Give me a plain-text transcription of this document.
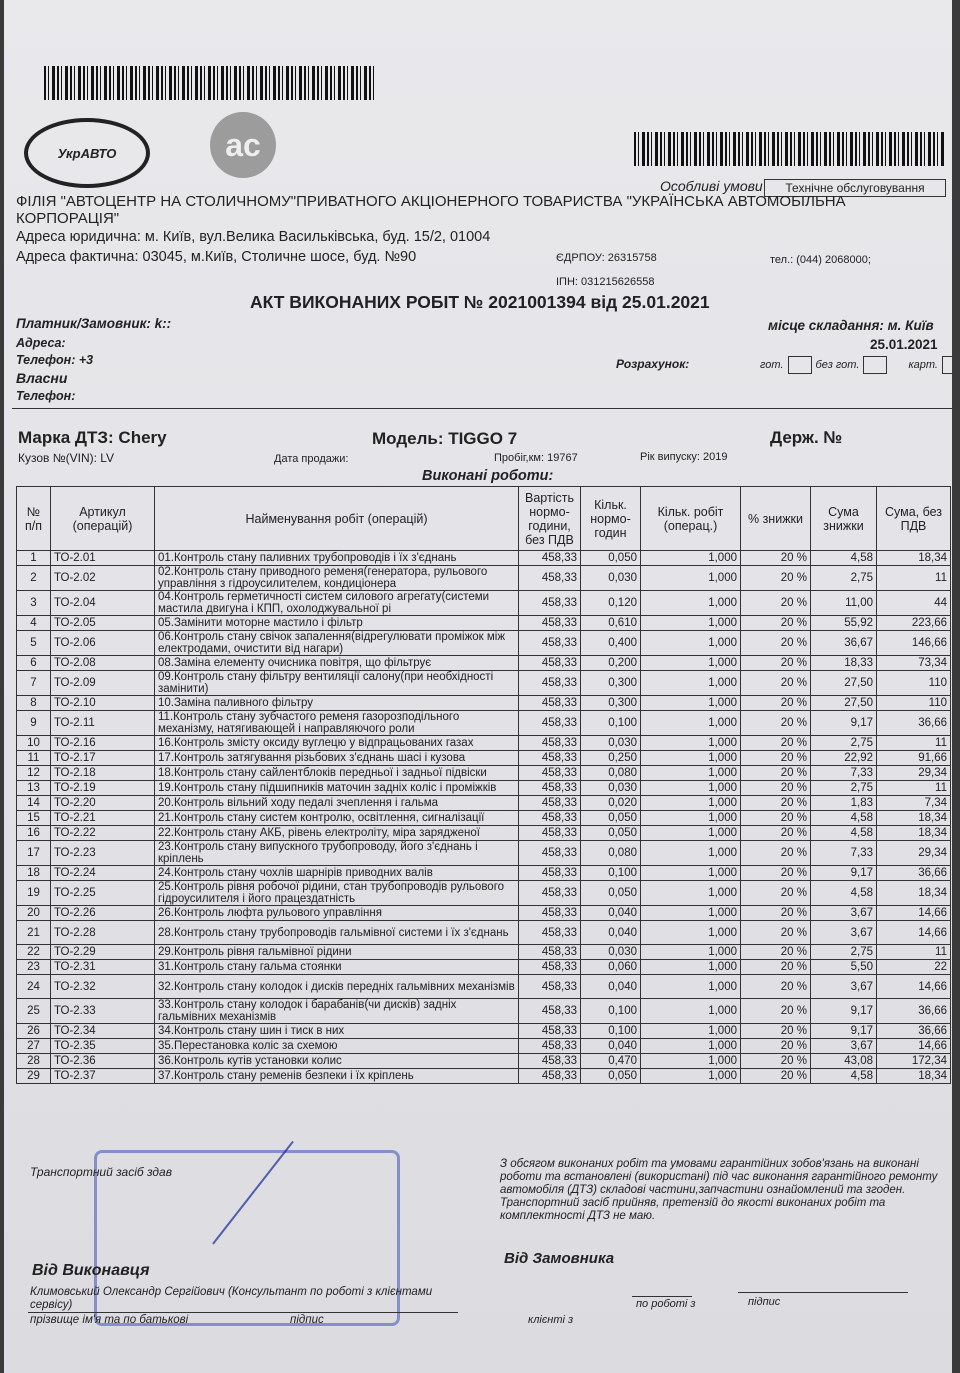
УкрАВТО	ac
Особливі умови	Технічне обслуговування
ФІЛІЯ "АВТОЦЕНТР НА СТОЛИЧНОМУ"ПРИВАТНОГО АКЦІОНЕРНОГО ТОВАРИСТВА "УКРАЇНСЬКА АВТОМОБІЛЬНА
КОРПОРАЦІЯ"
Адреса юридична: м. Київ, вул.Велика Васильківська, буд. 15/2, 01004
Адреса фактична: 03045, м.Київ, Столичне шосе, буд. №90	ЄДРПОУ: 26315758	тел.: (044) 2068000;
ІПН: 031215626558
АКТ ВИКОНАНИХ РОБІТ № 2021001394 від 25.01.2021
Платник/Замовник: k::
Адреса:
Телефон: +3
Власни
Телефон:
місце складання: м. Київ
25.01.2021
Розрахунок:	гот.	без гот.	карт.
Марка ДТЗ: Chery	Модель: TIGGO 7	Держ. №
Кузов №(VIN): LV	Дата продажи:	Пробіг,км: 19767	Рік випуску: 2019
Виконані роботи:
№ п/п	Артикул (операцій)	Найменування робіт (операцій)	Вартість нормо-години, без ПДВ	Кільк. нормо-годин	Кільк. робіт (операц.)	% знижки	Сума знижки	Сума, без ПДВ
1	ТО-2.01	01.Контроль стану паливних трубопроводів і їх з'єднань	458,33	0,050	1,000	20 %	4,58	18,34
2	ТО-2.02	02.Контроль стану приводного ременя(генератора, рульового управління з гідроусилителем, кондиціонера	458,33	0,030	1,000	20 %	2,75	11
3	ТО-2.04	04.Контроль герметичності систем силового агрегату(системи мастила двигуна і КПП, охолоджувальної рі	458,33	0,120	1,000	20 %	11,00	44
4	ТО-2.05	05.Замінити моторне мастило і фільтр	458,33	0,610	1,000	20 %	55,92	223,66
5	ТО-2.06	06.Контроль стану свічок запалення(відрегулювати проміжок між електродами, очистити від нагари)	458,33	0,400	1,000	20 %	36,67	146,66
6	ТО-2.08	08.Заміна елементу очисника повітря, що фільтрує	458,33	0,200	1,000	20 %	18,33	73,34
7	ТО-2.09	09.Контроль стану фільтру вентиляції салону(при необхідності замінити)	458,33	0,300	1,000	20 %	27,50	110
8	ТО-2.10	10.Заміна паливного фільтру	458,33	0,300	1,000	20 %	27,50	110
9	ТО-2.11	11.Контроль стану зубчастого ременя газорозподільного механізму, натягивающей і направляючого роли	458,33	0,100	1,000	20 %	9,17	36,66
10	ТО-2.16	16.Контроль змісту оксиду вуглецю у відпрацьованих газах	458,33	0,030	1,000	20 %	2,75	11
11	ТО-2.17	17.Контроль затягування різьбових з'єднань шасі і кузова	458,33	0,250	1,000	20 %	22,92	91,66
12	ТО-2.18	18.Контроль стану сайлентблоків передньої і задньої підвіски	458,33	0,080	1,000	20 %	7,33	29,34
13	ТО-2.19	19.Контроль стану підшипників маточин задніх коліс і проміжків	458,33	0,030	1,000	20 %	2,75	11
14	ТО-2.20	20.Контроль вільний ходу педалі зчеплення і гальма	458,33	0,020	1,000	20 %	1,83	7,34
15	ТО-2.21	21.Контроль стану систем контролю, освітлення, сигналізації	458,33	0,050	1,000	20 %	4,58	18,34
16	ТО-2.22	22.Контроль стану АКБ, рівень електроліту, міра зарядженої	458,33	0,050	1,000	20 %	4,58	18,34
17	ТО-2.23	23.Контроль стану випускного трубопроводу, його з'єднань і кріплень	458,33	0,080	1,000	20 %	7,33	29,34
18	ТО-2.24	24.Контроль стану чохлів шарнірів приводних валів	458,33	0,100	1,000	20 %	9,17	36,66
19	ТО-2.25	25.Контроль рівня робочої рідини, стан трубопроводів рульового гідроусилителя і його працездатність	458,33	0,050	1,000	20 %	4,58	18,34
20	ТО-2.26	26.Контроль люфта рульового управління	458,33	0,040	1,000	20 %	3,67	14,66
21	ТО-2.28	28.Контроль стану трубопроводів гальмівної системи і їх з'єднань	458,33	0,040	1,000	20 %	3,67	14,66
22	ТО-2.29	29.Контроль рівня гальмівної рідини	458,33	0,030	1,000	20 %	2,75	11
23	ТО-2.31	31.Контроль стану гальма стоянки	458,33	0,060	1,000	20 %	5,50	22
24	ТО-2.32	32.Контроль стану колодок і дисків передніх гальмівних механізмів	458,33	0,040	1,000	20 %	3,67	14,66
25	ТО-2.33	33.Контроль стану колодок і барабанів(чи дисків) задніх гальмівних механізмів	458,33	0,100	1,000	20 %	9,17	36,66
26	ТО-2.34	34.Контроль стану шин і тиск в них	458,33	0,100	1,000	20 %	9,17	36,66
27	ТО-2.35	35.Перестановка коліс за схемою	458,33	0,040	1,000	20 %	3,67	14,66
28	ТО-2.36	36.Контроль кутів установки колис	458,33	0,470	1,000	20 %	43,08	172,34
29	ТО-2.37	37.Контроль стану ременів безпеки і їх кріплень	458,33	0,050	1,000	20 %	4,58	18,34
Транспортний засіб здав
З обсягом виконаних робіт та умовами гарантійних зобов'язань на виконані роботи та встановлені (використані) під час виконання гарантійного ремонту автомобіля (ДТЗ) складові частини,запчастини ознайомлений та згоден. Транспортний засіб прийняв, претензій до якості виконаних робіт та комплектності ДТЗ не маю.
Від Виконавця
Климовський Олександр Сергійович (Консультант по роботі з клієнтами сервісу)
прізвище ім'я та по батькові	підпис
Від Замовника
по роботі з	підпис
клієнті з
